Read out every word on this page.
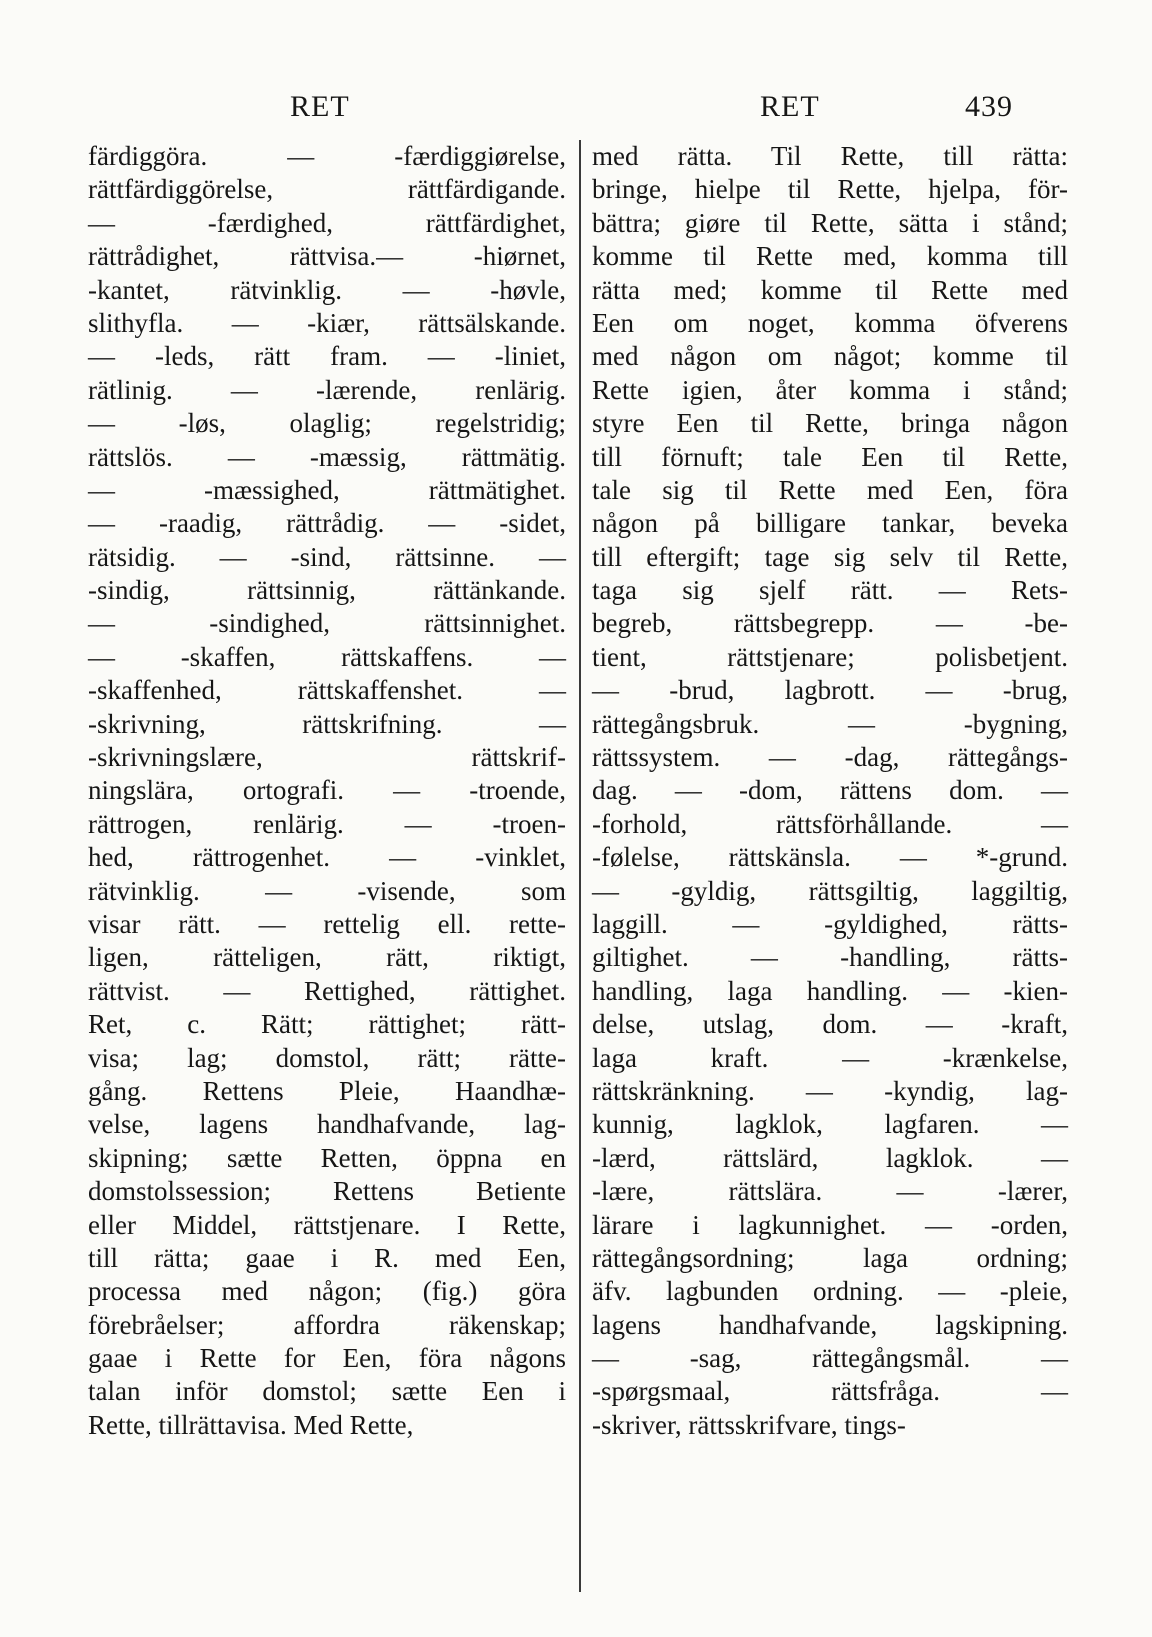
RET	RET	439
färdiggöra. — -færdiggiørelse,
rättfärdiggörelse, rättfärdigande.
— -færdighed, rättfärdighet,
rättrådighet, rättvisa.— -hiørnet,
-kantet, rätvinklig. — -høvle,
slithyfla. — -kiær, rättsälskande.
— -leds, rätt fram. — -liniet,
rätlinig. — -lærende, renlärig.
— -løs, olaglig; regelstridig;
rättslös. — -mæssig, rättmätig.
— -mæssighed, rättmätighet.
— -raadig, rättrådig. — -sidet,
rätsidig. — -sind, rättsinne. —
-sindig, rättsinnig, rättänkande.
— -sindighed, rättsinnighet.
— -skaffen, rättskaffens. —
-skaffenhed, rättskaffenshet. —
-skrivning, rättskrifning. —
-skrivningslære, rättskrif-
ningslära, ortografi. — -troende,
rättrogen, renlärig. — -troen-
hed, rättrogenhet. — -vinklet,
rätvinklig. — -visende, som
visar rätt. — rettelig ell. rette-
ligen, rätteligen, rätt, riktigt,
rättvist. — Rettighed, rättighet.
Ret, c. Rätt; rättighet; rätt-
visa; lag; domstol, rätt; rätte-
gång. Rettens Pleie, Haandhæ-
velse, lagens handhafvande, lag-
skipning; sætte Retten, öppna en
domstolssession; Rettens Betiente
eller Middel, rättstjenare. I Rette,
till rätta; gaae i R. med Een,
processa med någon; (fig.) göra
förebråelser; affordra räkenskap;
gaae i Rette for Een, föra någons
talan inför domstol; sætte Een i
Rette, tillrättavisa. Med Rette,
med rätta. Til Rette, till rätta:
bringe, hielpe til Rette, hjelpa, för-
bättra; giøre til Rette, sätta i stånd;
komme til Rette med, komma till
rätta med; komme til Rette med
Een om noget, komma öfverens
med någon om något; komme til
Rette igien, åter komma i stånd;
styre Een til Rette, bringa någon
till förnuft; tale Een til Rette,
tale sig til Rette med Een, föra
någon på billigare tankar, beveka
till eftergift; tage sig selv til Rette,
taga sig sjelf rätt. — Rets-
begreb, rättsbegrepp. — -be-
tient, rättstjenare; polisbetjent.
— -brud, lagbrott. — -brug,
rättegångsbruk. — -bygning,
rättssystem. — -dag, rättegångs-
dag. — -dom, rättens dom. —
-forhold, rättsförhållande. —
-følelse, rättskänsla. — *-grund.
— -gyldig, rättsgiltig, laggiltig,
laggill. — -gyldighed, rätts-
giltighet. — -handling, rätts-
handling, laga handling. — -kien-
delse, utslag, dom. — -kraft,
laga kraft. — -krænkelse,
rättskränkning. — -kyndig, lag-
kunnig, lagklok, lagfaren. —
-lærd, rättslärd, lagklok. —
-lære, rättslära. — -lærer,
lärare i lagkunnighet. — -orden,
rättegångsordning; laga ordning;
äfv. lagbunden ordning. — -pleie,
lagens handhafvande, lagskipning.
— -sag, rättegångsmål. —
-spørgsmaal, rättsfråga. —
-skriver, rättsskrifvare, tings-
